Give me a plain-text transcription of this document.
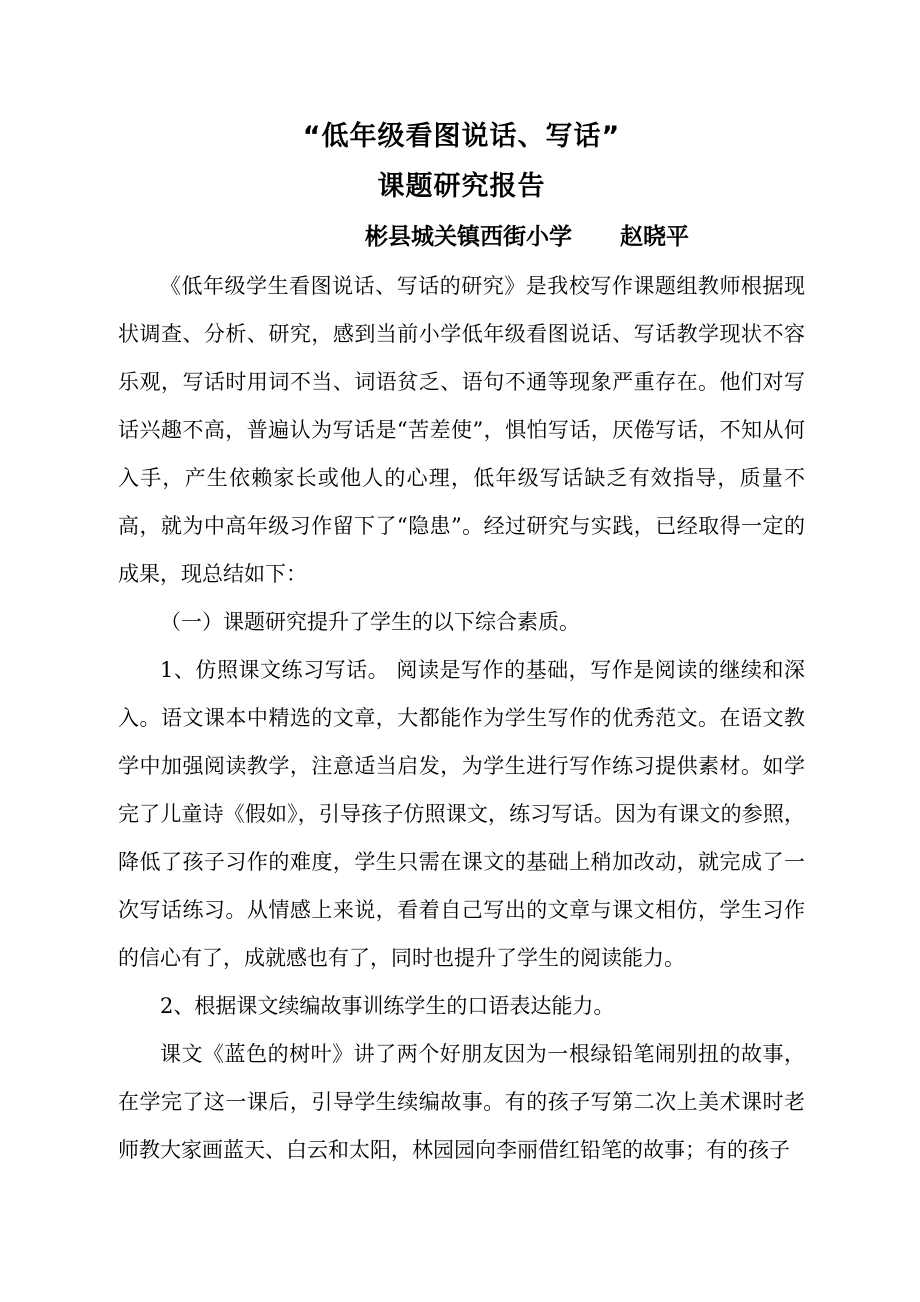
“低年级看图说话、写话”
课题研究报告
彬县城关镇西街小学 赵晓平

《低年级学生看图说话、写话的研究》是我校写作课题组教师根据现状调查、分析、研究，感到当前小学低年级看图说话、写话教学现状不容乐观，写话时用词不当、词语贫乏、语句不通等现象严重存在。他们对写话兴趣不高，普遍认为写话是“苦差使”，惧怕写话，厌倦写话，不知从何入手，产生依赖家长或他人的心理，低年级写话缺乏有效指导，质量不高，就为中高年级习作留下了“隐患”。经过研究与实践，已经取得一定的成果，现总结如下：

（一）课题研究提升了学生的以下综合素质。

1、仿照课文练习写话。 阅读是写作的基础，写作是阅读的继续和深入。语文课本中精选的文章，大都能作为学生写作的优秀范文。在语文教学中加强阅读教学，注意适当启发，为学生进行写作练习提供素材。如学完了儿童诗《假如》，引导孩子仿照课文，练习写话。因为有课文的参照，降低了孩子习作的难度，学生只需在课文的基础上稍加改动，就完成了一次写话练习。从情感上来说，看着自己写出的文章与课文相仿，学生习作的信心有了，成就感也有了，同时也提升了学生的阅读能力。

2、根据课文续编故事训练学生的口语表达能力。

课文《蓝色的树叶》讲了两个好朋友因为一根绿铅笔闹别扭的故事，在学完了这一课后，引导学生续编故事。有的孩子写第二次上美术课时老师教大家画蓝天、白云和太阳，林园园向李丽借红铅笔的故事；有的孩子
